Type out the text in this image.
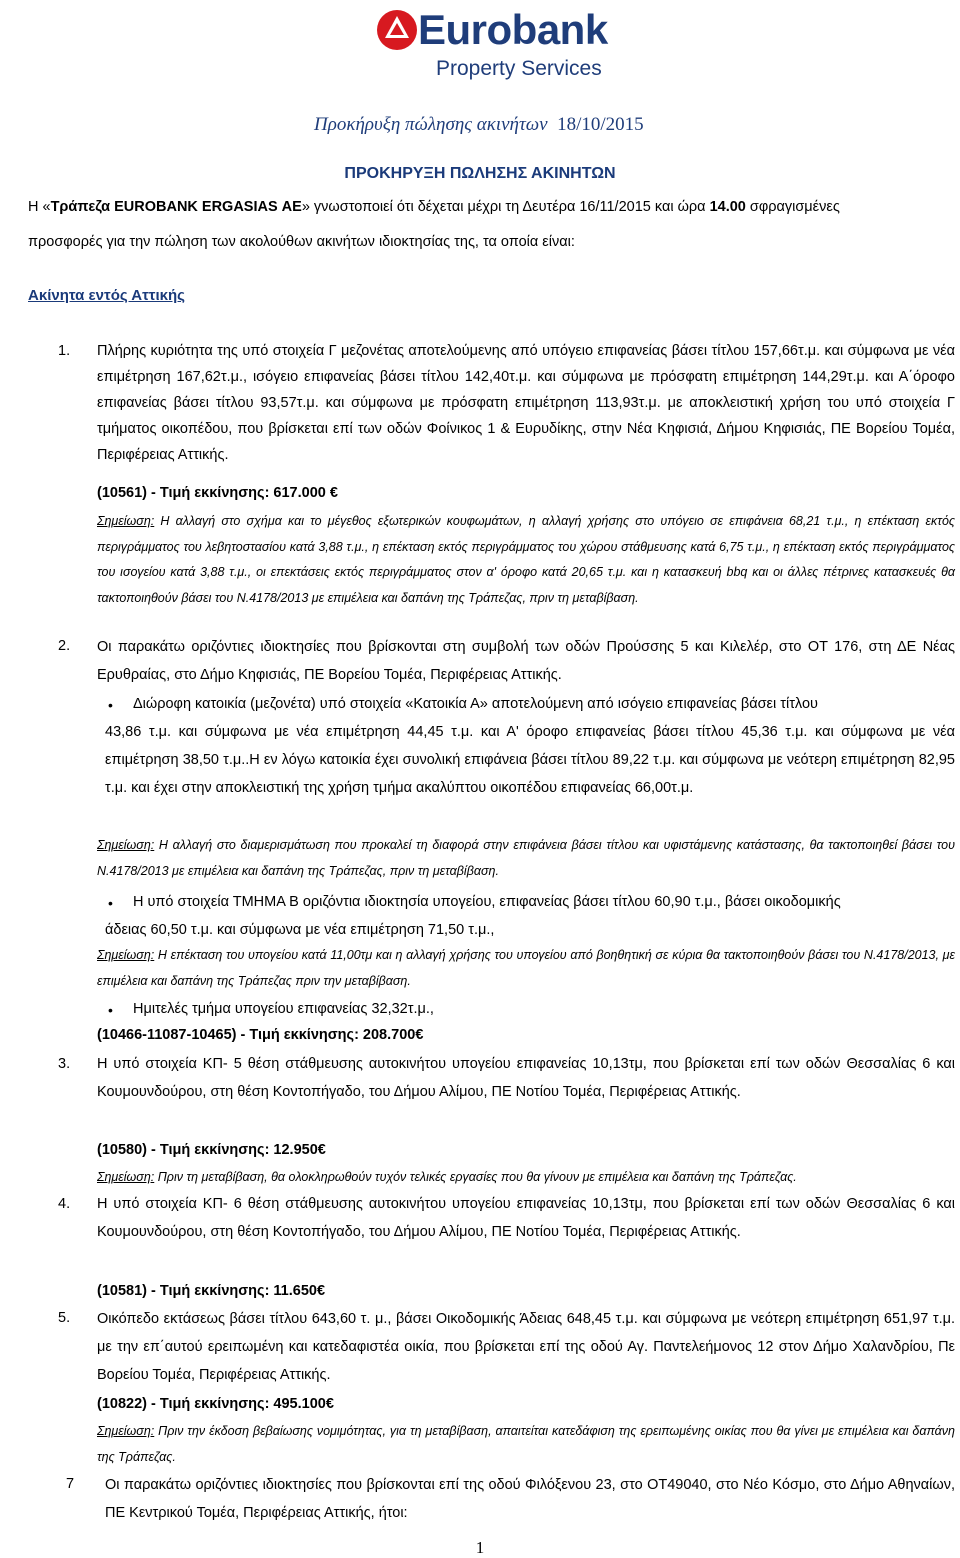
Eurobank
Property Services
Προκήρυξη πώλησης ακινήτων 18/10/2015
ΠΡΟΚΗΡΥΞΗ ΠΩΛΗΣΗΣ ΑΚΙΝΗΤΩΝ
Η «Τράπεζα EUROBANK ERGASIAS ΑΕ» γνωστοποιεί ότι δέχεται μέχρι τη Δευτέρα 16/11/2015 και ώρα 14.00 σφραγισμένες
προσφορές για την πώληση των ακολούθων ακινήτων ιδιοκτησίας της, τα οποία είναι:
Ακίνητα εντός Αττικής
1. Πλήρης κυριότητα της υπό στοιχεία Γ μεζονέτας αποτελούμενης από υπόγειο επιφανείας βάσει τίτλου 157,66τ.μ. και σύμφωνα με νέα επιμέτρηση 167,62τ.μ., ισόγειο επιφανείας βάσει τίτλου 142,40τ.μ. και σύμφωνα με πρόσφατη επιμέτρηση 144,29τ.μ. και Α΄όροφο επιφανείας βάσει τίτλου 93,57τ.μ. και σύμφωνα με πρόσφατη επιμέτρηση 113,93τ.μ. με αποκλειστική χρήση του υπό στοιχεία Γ τμήματος οικοπέδου, που βρίσκεται επί των οδών Φοίνικος 1 & Ευρυδίκης, στην Νέα Κηφισιά, Δήμου Κηφισιάς, ΠΕ Βορείου Τομέα, Περιφέρειας Αττικής.
(10561) - Τιμή εκκίνησης: 617.000 €
Σημείωση: Η αλλαγή στο σχήμα και το μέγεθος εξωτερικών κουφωμάτων, η αλλαγή χρήσης στο υπόγειο σε επιφάνεια 68,21 τ.μ., η επέκταση εκτός περιγράμματος του λεβητοστασίου κατά 3,88 τ.μ., η επέκταση εκτός περιγράμματος του χώρου στάθμευσης κατά 6,75 τ.μ., η επέκταση εκτός περιγράμματος του ισογείου κατά 3,88 τ.μ., οι επεκτάσεις εκτός περιγράμματος στον α' όροφο κατά 20,65 τ.μ. και η κατασκευή bbq και οι άλλες πέτρινες κατασκευές θα τακτοποιηθούν βάσει του Ν.4178/2013 με επιμέλεια και δαπάνη της Τράπεζας, πριν τη μεταβίβαση.
2. Οι παρακάτω οριζόντιες ιδιοκτησίες που βρίσκονται στη συμβολή των οδών Προύσσης 5 και Κιλελέρ, στο ΟΤ 176, στη ΔΕ Νέας Ερυθραίας, στο Δήμο Κηφισιάς, ΠΕ Βορείου Τομέα, Περιφέρειας Αττικής.
• Διώροφη κατοικία (μεζονέτα) υπό στοιχεία «Κατοικία Α» αποτελούμενη από ισόγειο επιφανείας βάσει τίτλου
43,86 τ.μ. και σύμφωνα με νέα επιμέτρηση 44,45 τ.μ. και Α' όροφο επιφανείας βάσει τίτλου 45,36 τ.μ. και σύμφωνα με νέα επιμέτρηση 38,50 τ.μ..Η εν λόγω κατοικία έχει συνολική επιφάνεια βάσει τίτλου 89,22 τ.μ. και σύμφωνα με νεότερη επιμέτρηση 82,95 τ.μ. και έχει στην αποκλειστική της χρήση τμήμα ακαλύπτου οικοπέδου επιφανείας 66,00τ.μ.
Σημείωση: Η αλλαγή στο διαμερισμάτωση που προκαλεί τη διαφορά στην επιφάνεια βάσει τίτλου και υφιστάμενης κατάστασης, θα τακτοποιηθεί βάσει του Ν.4178/2013 με επιμέλεια και δαπάνη της Τράπεζας, πριν τη μεταβίβαση.
• Η υπό στοιχεία ΤΜΗΜΑ Β οριζόντια ιδιοκτησία υπογείου, επιφανείας βάσει τίτλου 60,90 τ.μ., βάσει οικοδομικής
άδειας 60,50 τ.μ. και σύμφωνα με νέα επιμέτρηση 71,50 τ.μ.,
Σημείωση: Η επέκταση του υπογείου κατά 11,00τμ και η αλλαγή χρήσης του υπογείου από βοηθητική σε κύρια θα τακτοποιηθούν βάσει του Ν.4178/2013, με επιμέλεια και δαπάνη της Τράπεζας πριν την μεταβίβαση.
• Ημιτελές τμήμα υπογείου επιφανείας 32,32τ.μ.,
(10466-11087-10465) - Τιμή εκκίνησης: 208.700€
3. Η υπό στοιχεία ΚΠ- 5 θέση στάθμευσης αυτοκινήτου υπογείου επιφανείας 10,13τμ, που βρίσκεται επί των οδών Θεσσαλίας 6 και Κουμουνδούρου, στη θέση Κοντοπήγαδο, του Δήμου Αλίμου, ΠΕ Νοτίου Τομέα, Περιφέρειας Αττικής.
(10580) - Τιμή εκκίνησης: 12.950€
Σημείωση: Πριν τη μεταβίβαση, θα ολοκληρωθούν τυχόν τελικές εργασίες που θα γίνουν με επιμέλεια και δαπάνη της Τράπεζας.
4. Η υπό στοιχεία ΚΠ- 6 θέση στάθμευσης αυτοκινήτου υπογείου επιφανείας 10,13τμ, που βρίσκεται επί των οδών Θεσσαλίας 6 και Κουμουνδούρου, στη θέση Κοντοπήγαδο, του Δήμου Αλίμου, ΠΕ Νοτίου Τομέα, Περιφέρειας Αττικής.
(10581) - Τιμή εκκίνησης: 11.650€
5. Οικόπεδο εκτάσεως βάσει τίτλου 643,60 τ. μ., βάσει Οικοδομικής Άδειας 648,45 τ.μ. και σύμφωνα με νεότερη επιμέτρηση 651,97 τ.μ. με την επ΄αυτού ερειπωμένη και κατεδαφιστέα οικία, που βρίσκεται επί της οδού Αγ. Παντελεήμονος 12 στον Δήμο Χαλανδρίου, Πε Βορείου Τομέα, Περιφέρειας Αττικής.
(10822) - Τιμή εκκίνησης: 495.100€
Σημείωση: Πριν την έκδοση βεβαίωσης νομιμότητας, για τη μεταβίβαση, απαιτείται κατεδάφιση της ερειπωμένης οικίας που θα γίνει με επιμέλεια και δαπάνη της Τράπεζας.
7 Οι παρακάτω οριζόντιες ιδιοκτησίες που βρίσκονται επί της οδού Φιλόξενου 23, στο ΟΤ49040, στο Νέο Κόσμο, στο Δήμο Αθηναίων, ΠΕ Κεντρικού Τομέα, Περιφέρειας Αττικής, ήτοι:
1
